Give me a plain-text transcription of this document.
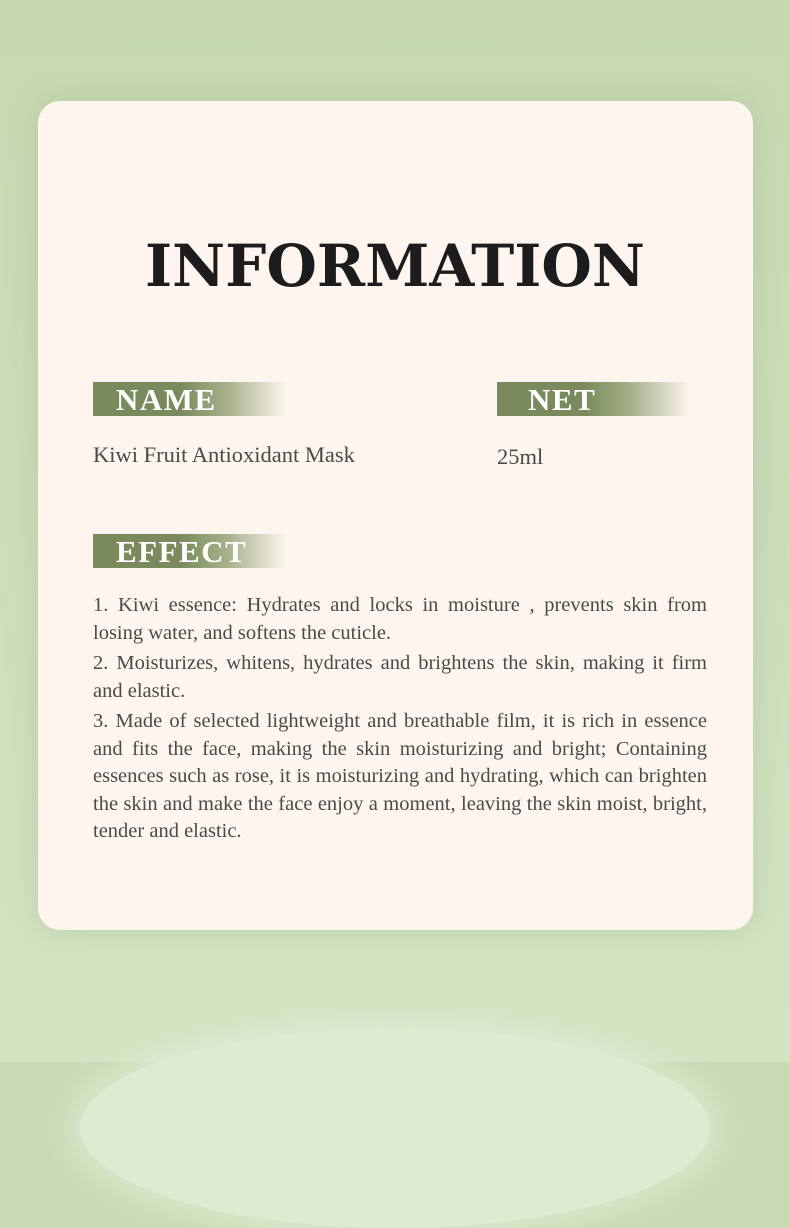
INFORMATION
NAME
Kiwi Fruit Antioxidant Mask
NET
25ml
EFFECT

1. Kiwi essence: Hydrates and locks in moisture , prevents skin from losing water, and softens the cuticle.

2. Moisturizes, whitens, hydrates and brightens the skin, making it firm and elastic.

3. Made of selected lightweight and breathable film, it is rich in essence and fits the face, making the skin moisturizing and bright; Containing essences such as rose, it is moisturizing and hydrating, which can brighten the skin and make the face enjoy a moment, leaving the skin moist, bright, tender and elastic.
